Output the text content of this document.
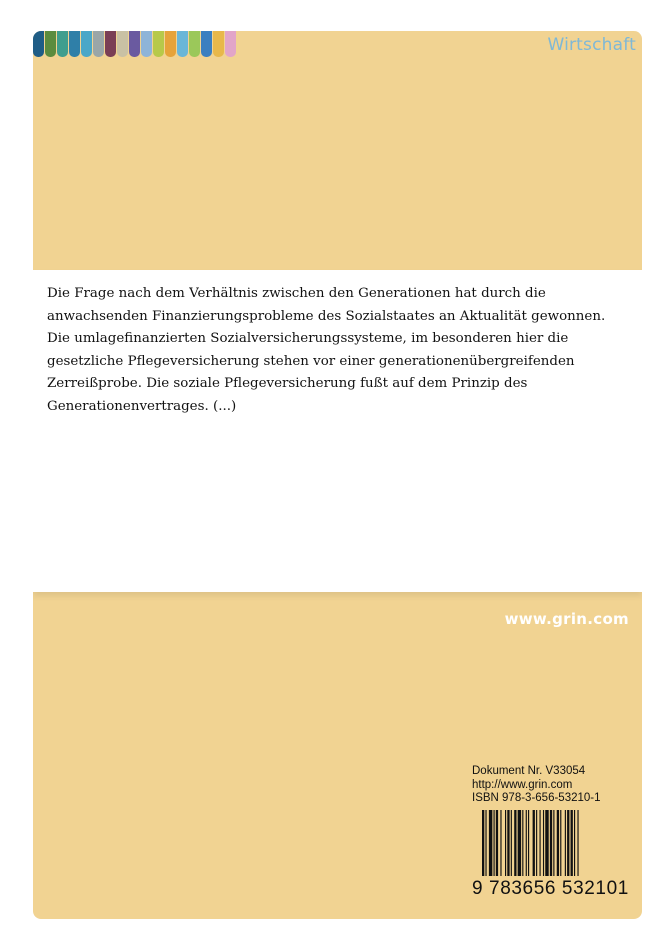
Wirtschaft

Die Frage nach dem Verhältnis zwischen den Generationen hat durch die anwachsenden Finanzierungsprobleme des Sozialstaates an Aktualität gewonnen. Die umlagefinanzierten Sozialversicherungssysteme, im besonderen hier die gesetzliche Pflegeversicherung stehen vor einer generationenübergreifenden Zerreißprobe. Die soziale Pflegeversicherung fußt auf dem Prinzip des Generationenvertrages. (...)

www.grin.com
Dokument Nr. V33054
http://www.grin.com
ISBN 978-3-656-53210-1
9 783656 532101
